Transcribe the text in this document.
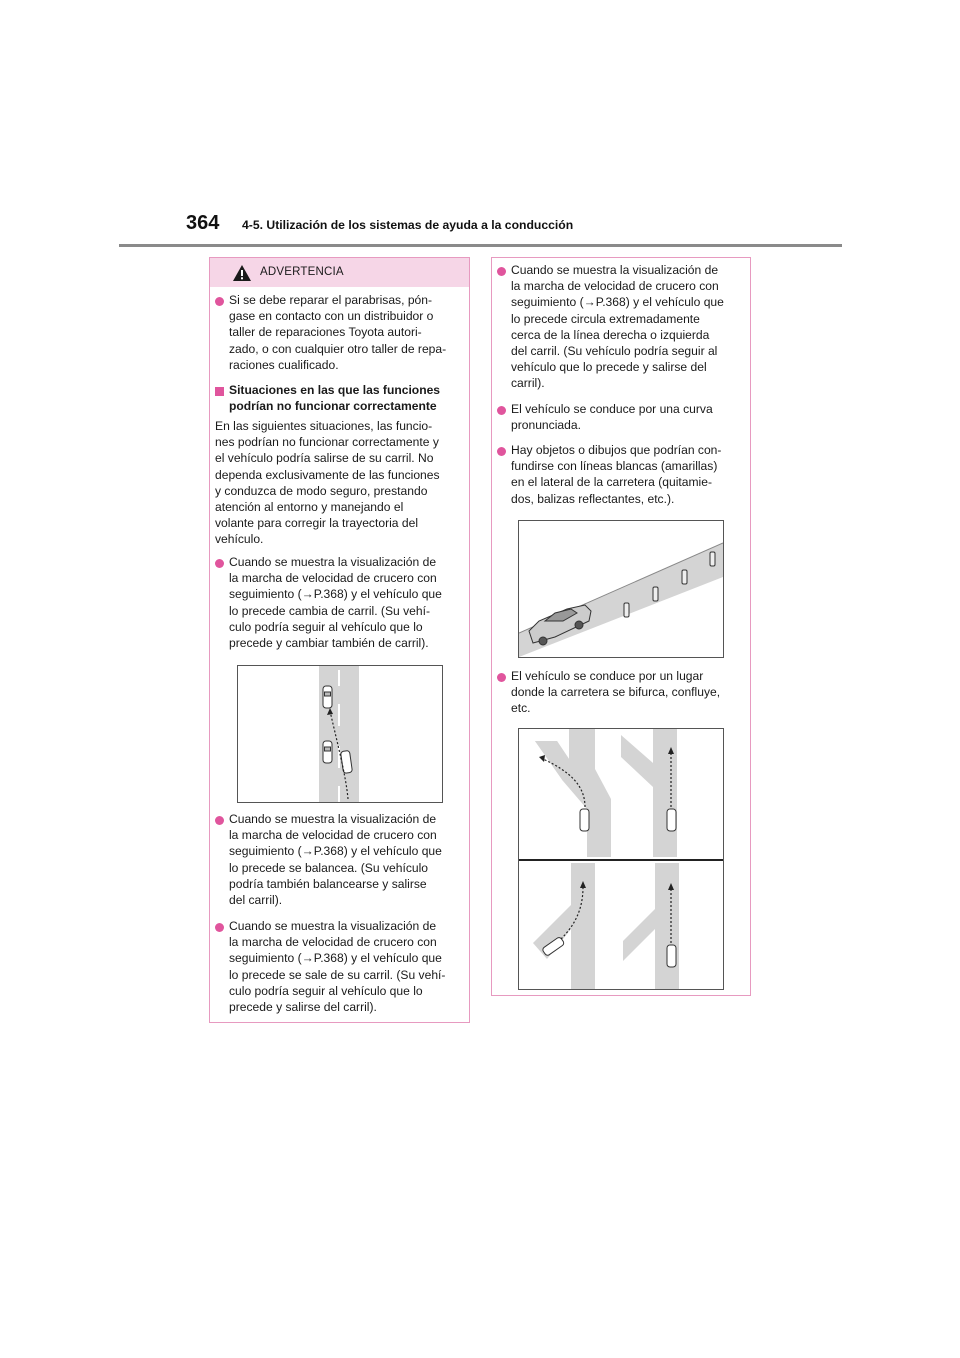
364 4-5. Utilización de los sistemas de ayuda a la conducción
ADVERTENCIA
Si se debe reparar el parabrisas, pón-
gase en contacto con un distribuidor o
taller de reparaciones Toyota autori-
zado, o con cualquier otro taller de repa-
raciones cualificado.
Situaciones en las que las funciones
podrían no funcionar correctamente
En las siguientes situaciones, las funcio-
nes podrían no funcionar correctamente y
el vehículo podría salirse de su carril. No
dependa exclusivamente de las funciones
y conduzca de modo seguro, prestando
atención al entorno y manejando el
volante para corregir la trayectoria del
vehículo.
Cuando se muestra la visualización de
la marcha de velocidad de crucero con
seguimiento (→P.368) y el vehículo que
lo precede cambia de carril. (Su vehí-
culo podría seguir al vehículo que lo
precede y cambiar también de carril).
Cuando se muestra la visualización de
la marcha de velocidad de crucero con
seguimiento (→P.368) y el vehículo que
lo precede se balancea. (Su vehículo
podría también balancearse y salirse
del carril).
Cuando se muestra la visualización de
la marcha de velocidad de crucero con
seguimiento (→P.368) y el vehículo que
lo precede se sale de su carril. (Su vehí-
culo podría seguir al vehículo que lo
precede y salirse del carril).
Cuando se muestra la visualización de
la marcha de velocidad de crucero con
seguimiento (→P.368) y el vehículo que
lo precede circula extremadamente
cerca de la línea derecha o izquierda
del carril. (Su vehículo podría seguir al
vehículo que lo precede y salirse del
carril).
El vehículo se conduce por una curva
pronunciada.
Hay objetos o dibujos que podrían con-
fundirse con líneas blancas (amarillas)
en el lateral de la carretera (quitamie-
dos, balizas reflectantes, etc.).
El vehículo se conduce por un lugar
donde la carretera se bifurca, confluye,
etc.
